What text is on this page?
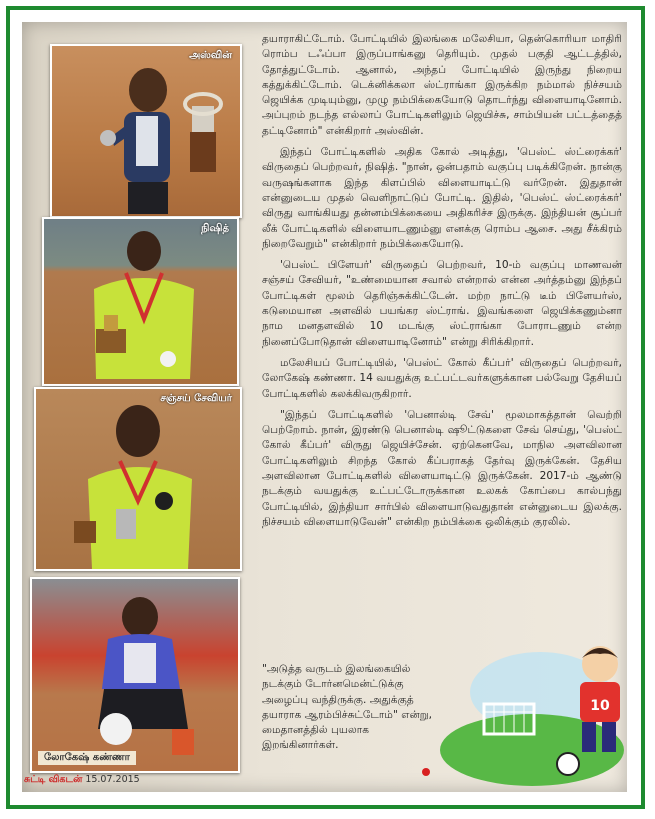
அஸ்வின்
நிஷித்
சஞ்சய் சேவியர்
லோகேஷ் கண்ணா

தயாராகிட்டோம். போட்டியில் இலங்கை மலேசியா, தென்கொரியா மாதிரி ரொம்ப டஃப்பா இருப்பாங்கனு தெரியும். முதல் பகுதி ஆட்டத்தில், தோத்துட்டோம். ஆனால், அந்தப் போட்டியில் இருந்து நிறைய கத்துக்கிட்டோம். டெக்னிக்கலா ஸ்ட்ராங்கா இருக்கிற நம்மால் நிச்சயம் ஜெயிக்க முடியும்னு, முழு நம்பிக்கையோடு தொடர்ந்து விளையாடினோம். அப்புறம் நடந்த எல்லாப் போட்டிகளிலும் ஜெயிச்சு, சாம்பியன் பட்டத்தைத் தட்டினோம்" என்கிறார் அஸ்வின்.

இந்தப் போட்டிகளில் அதிக கோல் அடித்து, 'பெஸ்ட் ஸ்ட்ரைக்கர்' விருதைப் பெற்றவர், நிஷித். "நான், ஒன்பதாம் வகுப்பு படிக்கிறேன். நான்கு வருஷங்களாக இந்த கிளப்பில் விளையாடிட்டு வர்றேன். இதுதான் என்னுடைய முதல் வெளிநாட்டுப் போட்டி. இதில், 'பெஸ்ட் ஸ்ட்ரைக்கர்' விருது வாங்கியது தன்னம்பிக்கையை அதிகரிச்ச இருக்கு. இந்தியன் சூப்பர் லீக் போட்டிகளில் விளையாடணும்னு எனக்கு ரொம்ப ஆசை. அது சீக்கிரம் நிறைவேறும்" என்கிறார் நம்பிக்கையோடு.

'பெஸ்ட் பிளேயர்' விருதைப் பெற்றவர், 10-ம் வகுப்பு மாணவன் சஞ்சய் சேவியர், "உண்மையான சவால் என்றால் என்ன அர்த்தம்னு இந்தப் போட்டிகள் மூலம் தெரிஞ்சுக்கிட்டேன். மற்ற நாட்டு டீம் பிளேயர்ஸ், கடுமையான அளவில் பயங்கர ஸ்ட்ராங். இவங்களை ஜெயிக்கணும்னா நாம மனதளவில் 10 மடங்கு ஸ்ட்ராங்கா போராடணும் என்ற நினைப்போடுதான் விளையாடினோம்" என்று சிரிக்கிறார்.

மலேசியப் போட்டியில், 'பெஸ்ட் கோல் கீப்பர்' விருதைப் பெற்றவர், லோகேஷ் கண்ணா. 14 வயதுக்கு உட்பட்டவர்களுக்கான பல்வேறு தேசியப் போட்டிகளில் கலக்கிவருகிறார்.

"இந்தப் போட்டிகளில் 'பெனால்டி சேவ்' மூலமாகத்தான் வெற்றி பெற்றோம். நான், இரண்டு பெனால்டி ஷூட்டுகளை சேவ் செய்து, 'பெஸ்ட் கோல் கீப்பர்' விருது ஜெயிச்சேன். ஏற்கெனவே, மாநில அளவிலான போட்டிகளிலும் சிறந்த கோல் கீப்பராகத் தேர்வு இருக்கேன். தேசிய அளவிலான போட்டிகளில் விளையாடிட்டு இருக்கேன். 2017-ம் ஆண்டு நடக்கும் வயதுக்கு உட்பட்டோருக்கான உலகக் கோப்பை கால்பந்து போட்டியில், இந்தியா சார்பில் விளையாடுவதுதான் என்னுடைய இலக்கு. நிச்சயம் விளையாடுவேன்" என்கிற நம்பிக்கை ஒலிக்கும் குரலில்.

"அடுத்த வருடம் இலங்கையில் நடக்கும் டோர்னமென்ட்டுக்கு அழைப்பு வந்திருக்கு. அதுக்குத் தயாராக ஆரம்பிச்சுட்டோம்" என்று, மைதானத்தில் புயலாக இறங்கினார்கள்.
10
சுட்டி விகடன் 15.07.2015
